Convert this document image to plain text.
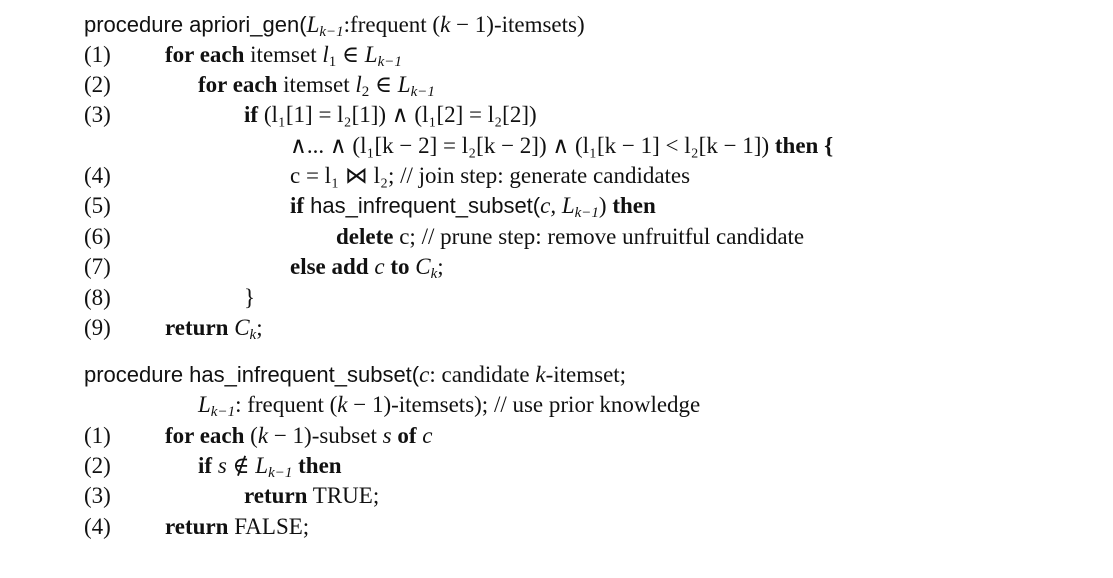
procedure $apriori\_gen(L_{k-1}:frequent$ (k − 1)-itemsets)
(1)
(2)
(3)
(4)
(5)
(6)
(7)
(8)
(9)
for each itemset $l_1$ ∈ $L_{k-1}$
for each itemset $l_2$ ∈ $L_{k-1}$
if (l₁[1] = l₂[1]) ∧ (l₁[2] = l₂[2])
∧... ∧ (l₁[k − 2] = l₂[k − 2]) ∧ (l₁[k − 1] < l₂[k − 1]) then {
c = l₁ ⋈ l₂; // join step: generate candidates
if has_infrequent_subset(c, $L_{k-1}$) then
delete c; // prune step: remove unfruitful candidate
else add c to $C_k$;
}
return $C_k$;
procedure has_infrequent_subset(c: candidate k-itemset;
$L_{k-1}$: frequent (k − 1)-itemsets); // use prior knowledge
(1)
(2)
(3)
(4)
for each (k − 1)-subset s of c
if s ∉ $L_{k-1}$ then
return TRUE;
return FALSE;
